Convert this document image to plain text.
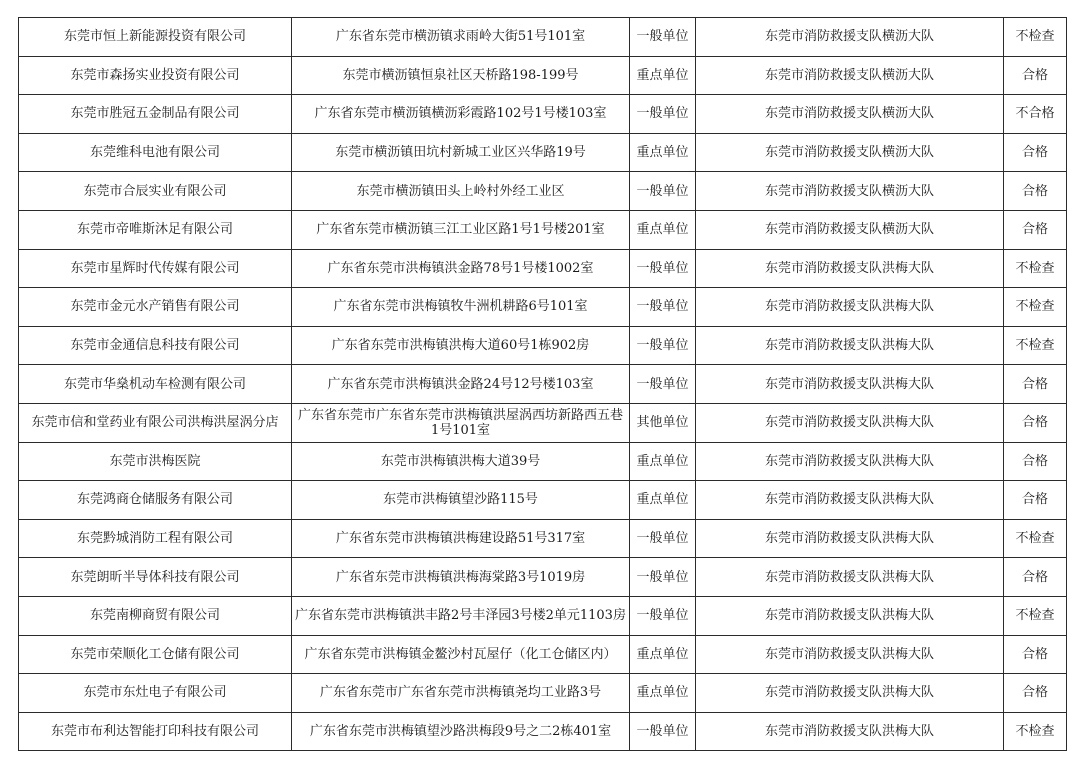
东莞市恒上新能源投资有限公司	广东省东莞市横沥镇求雨岭大街51号101室	一般单位	东莞市消防救援支队横沥大队	不检查
东莞市森扬实业投资有限公司	东莞市横沥镇恒泉社区天桥路198-199号	重点单位	东莞市消防救援支队横沥大队	合格
东莞市胜冠五金制品有限公司	广东省东莞市横沥镇横沥彩霞路102号1号楼103室	一般单位	东莞市消防救援支队横沥大队	不合格
东莞维科电池有限公司	东莞市横沥镇田坑村新城工业区兴华路19号	重点单位	东莞市消防救援支队横沥大队	合格
东莞市合辰实业有限公司	东莞市横沥镇田头上岭村外经工业区	一般单位	东莞市消防救援支队横沥大队	合格
东莞市帝唯斯沐足有限公司	广东省东莞市横沥镇三江工业区路1号1号楼201室	重点单位	东莞市消防救援支队横沥大队	合格
东莞市星辉时代传媒有限公司	广东省东莞市洪梅镇洪金路78号1号楼1002室	一般单位	东莞市消防救援支队洪梅大队	不检查
东莞市金元水产销售有限公司	广东省东莞市洪梅镇牧牛洲机耕路6号101室	一般单位	东莞市消防救援支队洪梅大队	不检查
东莞市金通信息科技有限公司	广东省东莞市洪梅镇洪梅大道60号1栋902房	一般单位	东莞市消防救援支队洪梅大队	不检查
东莞市华燊机动车检测有限公司	广东省东莞市洪梅镇洪金路24号12号楼103室	一般单位	东莞市消防救援支队洪梅大队	合格
东莞市信和堂药业有限公司洪梅洪屋涡分店	广东省东莞市广东省东莞市洪梅镇洪屋涡西坊新路西五巷1号101室	其他单位	东莞市消防救援支队洪梅大队	合格
东莞市洪梅医院	东莞市洪梅镇洪梅大道39号	重点单位	东莞市消防救援支队洪梅大队	合格
东莞鸿商仓储服务有限公司	东莞市洪梅镇望沙路115号	重点单位	东莞市消防救援支队洪梅大队	合格
东莞黔城消防工程有限公司	广东省东莞市洪梅镇洪梅建设路51号317室	一般单位	东莞市消防救援支队洪梅大队	不检查
东莞朗昕半导体科技有限公司	广东省东莞市洪梅镇洪梅海棠路3号1019房	一般单位	东莞市消防救援支队洪梅大队	合格
东莞南柳商贸有限公司	广东省东莞市洪梅镇洪丰路2号丰泽园3号楼2单元1103房	一般单位	东莞市消防救援支队洪梅大队	不检查
东莞市荣顺化工仓储有限公司	广东省东莞市洪梅镇金鳌沙村瓦屋仔（化工仓储区内）	重点单位	东莞市消防救援支队洪梅大队	合格
东莞市东灶电子有限公司	广东省东莞市广东省东莞市洪梅镇尧均工业路3号	重点单位	东莞市消防救援支队洪梅大队	合格
东莞市布利达智能打印科技有限公司	广东省东莞市洪梅镇望沙路洪梅段9号之二2栋401室	一般单位	东莞市消防救援支队洪梅大队	不检查
